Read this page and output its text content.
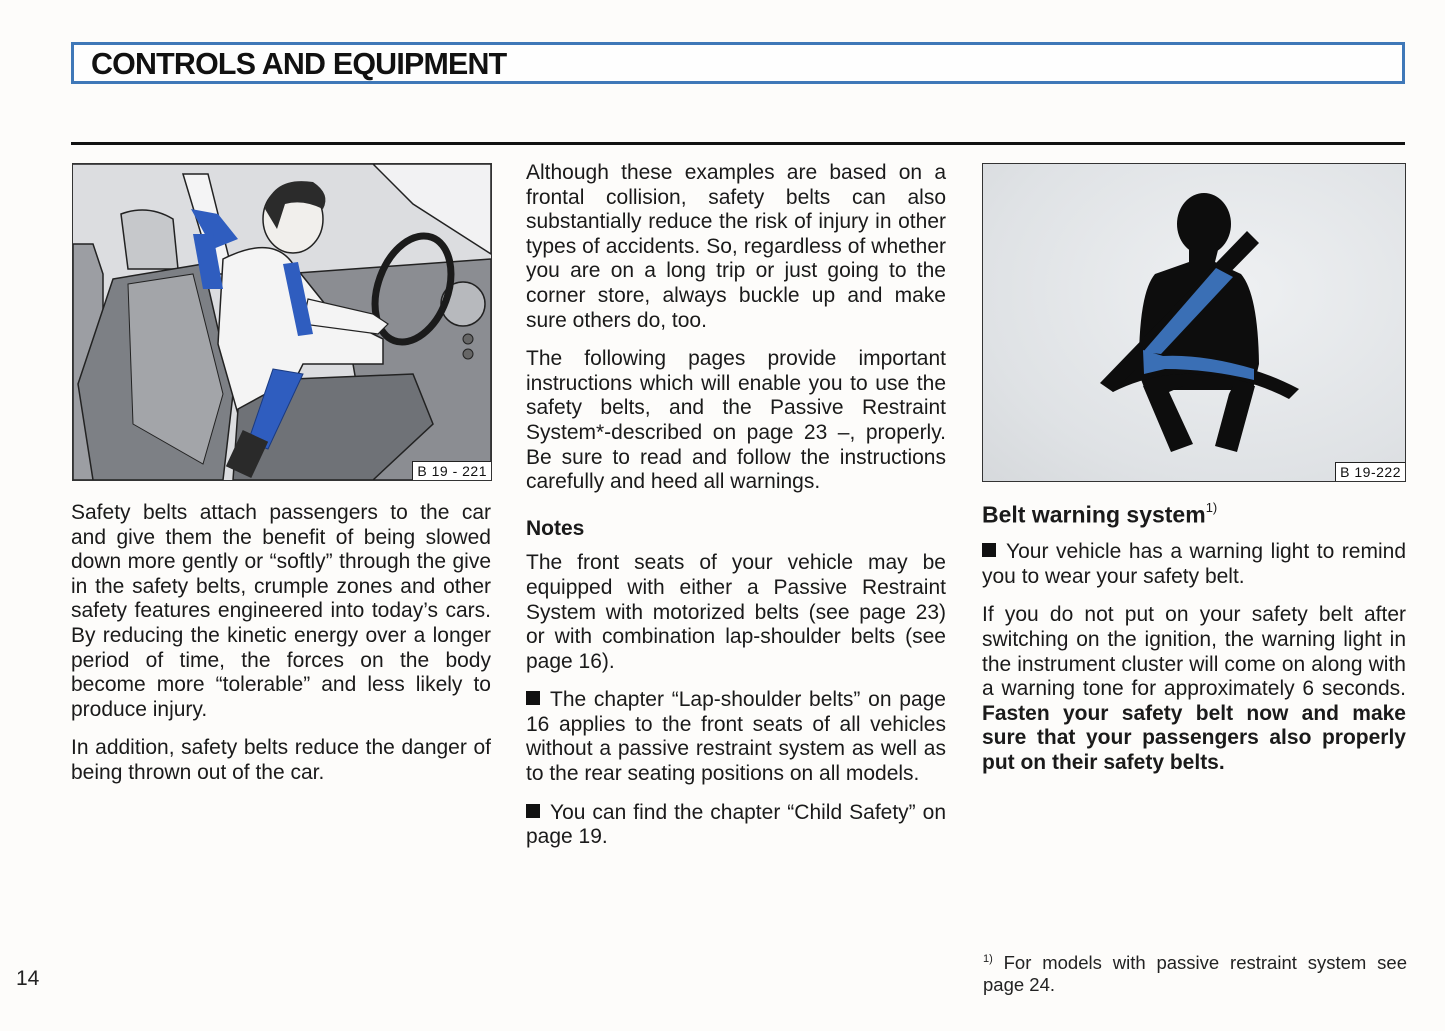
CONTROLS AND EQUIPMENT
B 19 - 221	B 19-222

Safety belts attach passengers to the car and give them the benefit of being slowed down more gently or “softly” through the give in the safety belts, crumple zones and other safety features engineered into today’s cars. By reducing the kinetic energy over a longer period of time, the forces on the body become more “tolerable” and less likely to produce injury.

In addition, safety belts reduce the danger of being thrown out of the car.

Although these examples are based on a frontal collision, safety belts can also substantially reduce the risk of injury in other types of accidents. So, regardless of whether you are on a long trip or just going to the corner store, always buckle up and make sure others do, too.

The following pages provide important instructions which will enable you to use the safety belts, and the Passive Restraint System*-described on page 23 –, properly. Be sure to read and follow the instructions carefully and heed all warnings.

Notes

The front seats of your vehicle may be equipped with either a Passive Restraint System with motorized belts (see page 23) or with combination lap-shoulder belts (see page 16).

The chapter “Lap-shoulder belts” on page 16 applies to the front seats of all vehicles without a passive restraint system as well as to the rear seating positions on all models.

You can find the chapter “Child Safety” on page 19.

Belt warning system$^{1)}$

Your vehicle has a warning light to remind you to wear your safety belt.

If you do not put on your safety belt after switching on the ignition, the warning light in the instrument cluster will come on along with a warning tone for approximately 6 seconds. Fasten your safety belt now and make sure that your passengers also properly put on their safety belts.

14
$^{1)}$ For models with passive restraint system see page 24.
